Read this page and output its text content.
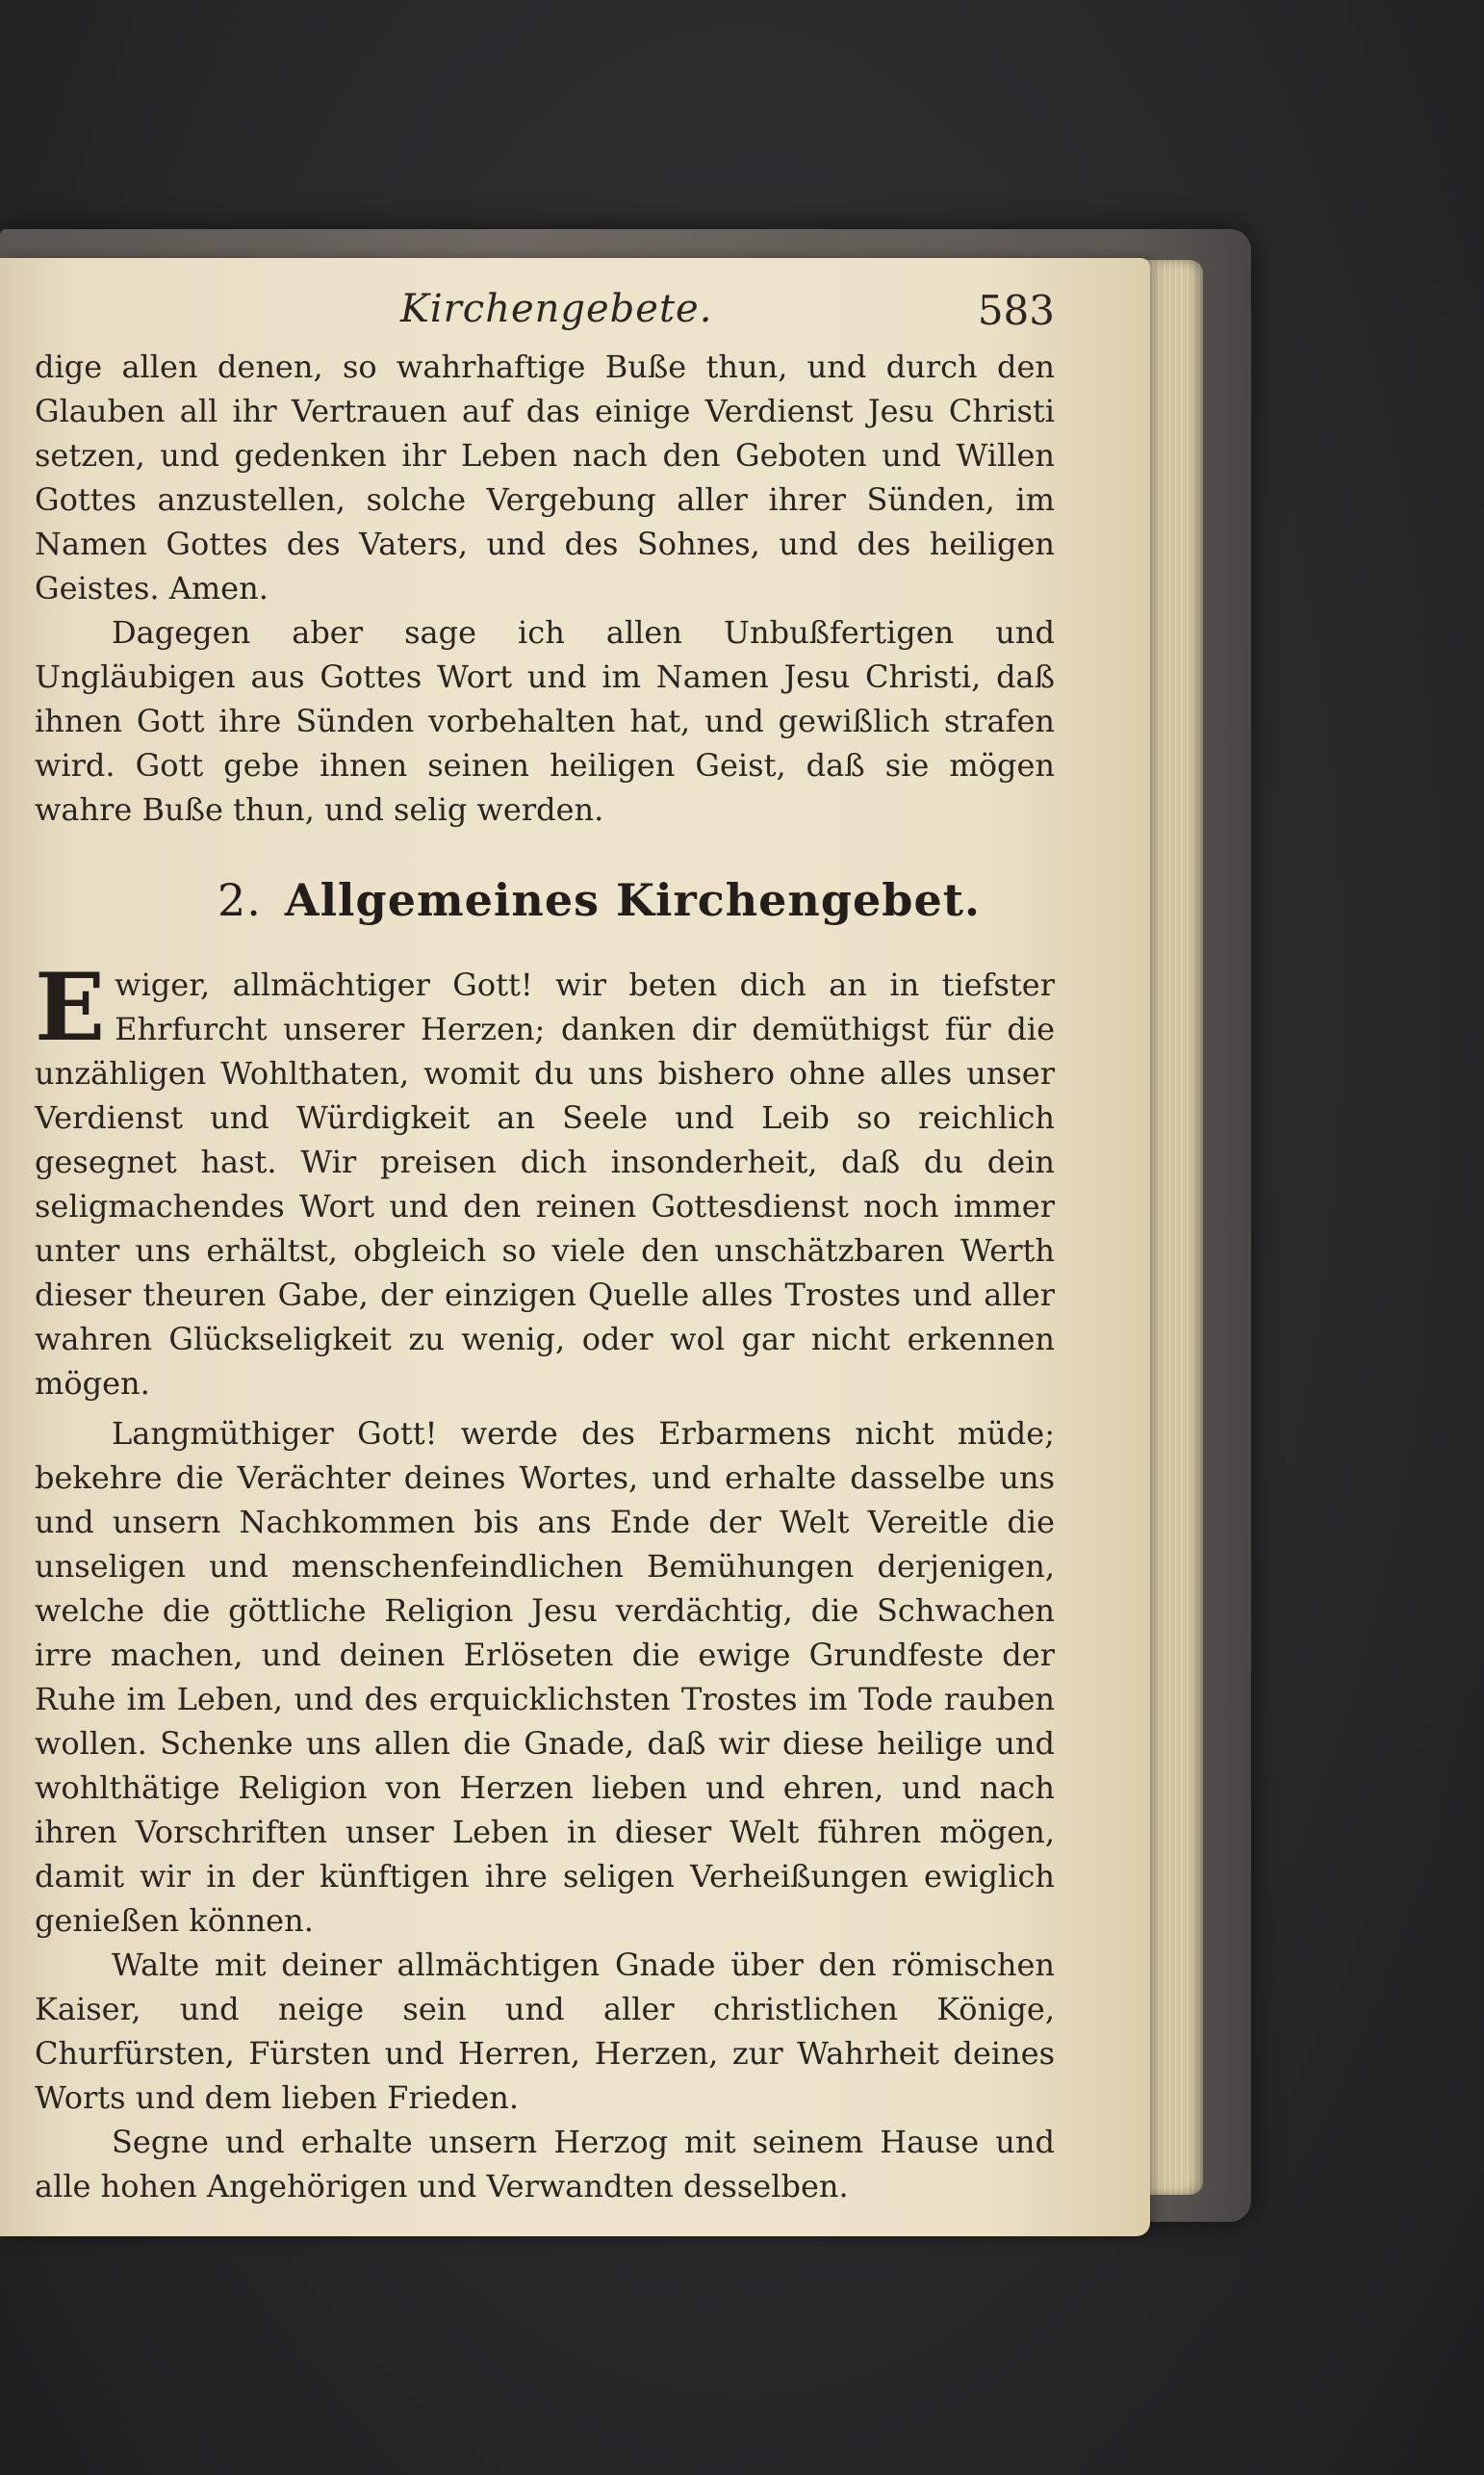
Kirchengebete.	583

dige allen denen, so wahrhaftige Buße thun, und durch den Glauben all ihr Vertrauen auf das einige Verdienst Jesu Christi setzen, und gedenken ihr Leben nach den Geboten und Willen Gottes anzustellen, solche Vergebung aller ihrer Sünden, im Namen Gottes des Vaters, und des Sohnes, und des heiligen Geistes. Amen.

Dagegen aber sage ich allen Unbußfertigen und Ungläubigen aus Gottes Wort und im Namen Jesu Christi, daß ihnen Gott ihre Sünden vorbehalten hat, und gewißlich strafen wird. Gott gebe ihnen seinen heiligen Geist, daß sie mögen wahre Buße thun, und selig werden.

2. Allgemeines Kirchengebet.
E wiger, allmächtiger Gott! wir beten dich an in tiefster Ehrfurcht unserer Herzen; danken dir demüthigst für die unzähligen Wohlthaten, womit du uns bishero ohne alles unser Verdienst und Würdigkeit an Seele und Leib so reichlich gesegnet hast. Wir preisen dich insonderheit, daß du dein seligmachendes Wort und den reinen Gottesdienst noch immer unter uns erhältst, obgleich so viele den unschätzbaren Werth dieser theuren Gabe, der einzigen Quelle alles Trostes und aller wahren Glückseligkeit zu wenig, oder wol gar nicht erkennen mögen.

Langmüthiger Gott! werde des Erbarmens nicht müde; bekehre die Verächter deines Wortes, und erhalte dasselbe uns und unsern Nachkommen bis ans Ende der Welt Vereitle die unseligen und menschenfeindlichen Bemühungen derjenigen, welche die göttliche Religion Jesu verdächtig, die Schwachen irre machen, und deinen Erlöseten die ewige Grundfeste der Ruhe im Leben, und des erquicklichsten Trostes im Tode rauben wollen. Schenke uns allen die Gnade, daß wir diese heilige und wohlthätige Religion von Herzen lieben und ehren, und nach ihren Vorschriften unser Leben in dieser Welt führen mögen, damit wir in der künftigen ihre seligen Verheißungen ewiglich genießen können.

Walte mit deiner allmächtigen Gnade über den römischen Kaiser, und neige sein und aller christlichen Könige, Churfürsten, Fürsten und Herren, Herzen, zur Wahrheit deines Worts und dem lieben Frieden.

Segne und erhalte unsern Herzog mit seinem Hause und alle hohen Angehörigen und Verwandten desselben.
